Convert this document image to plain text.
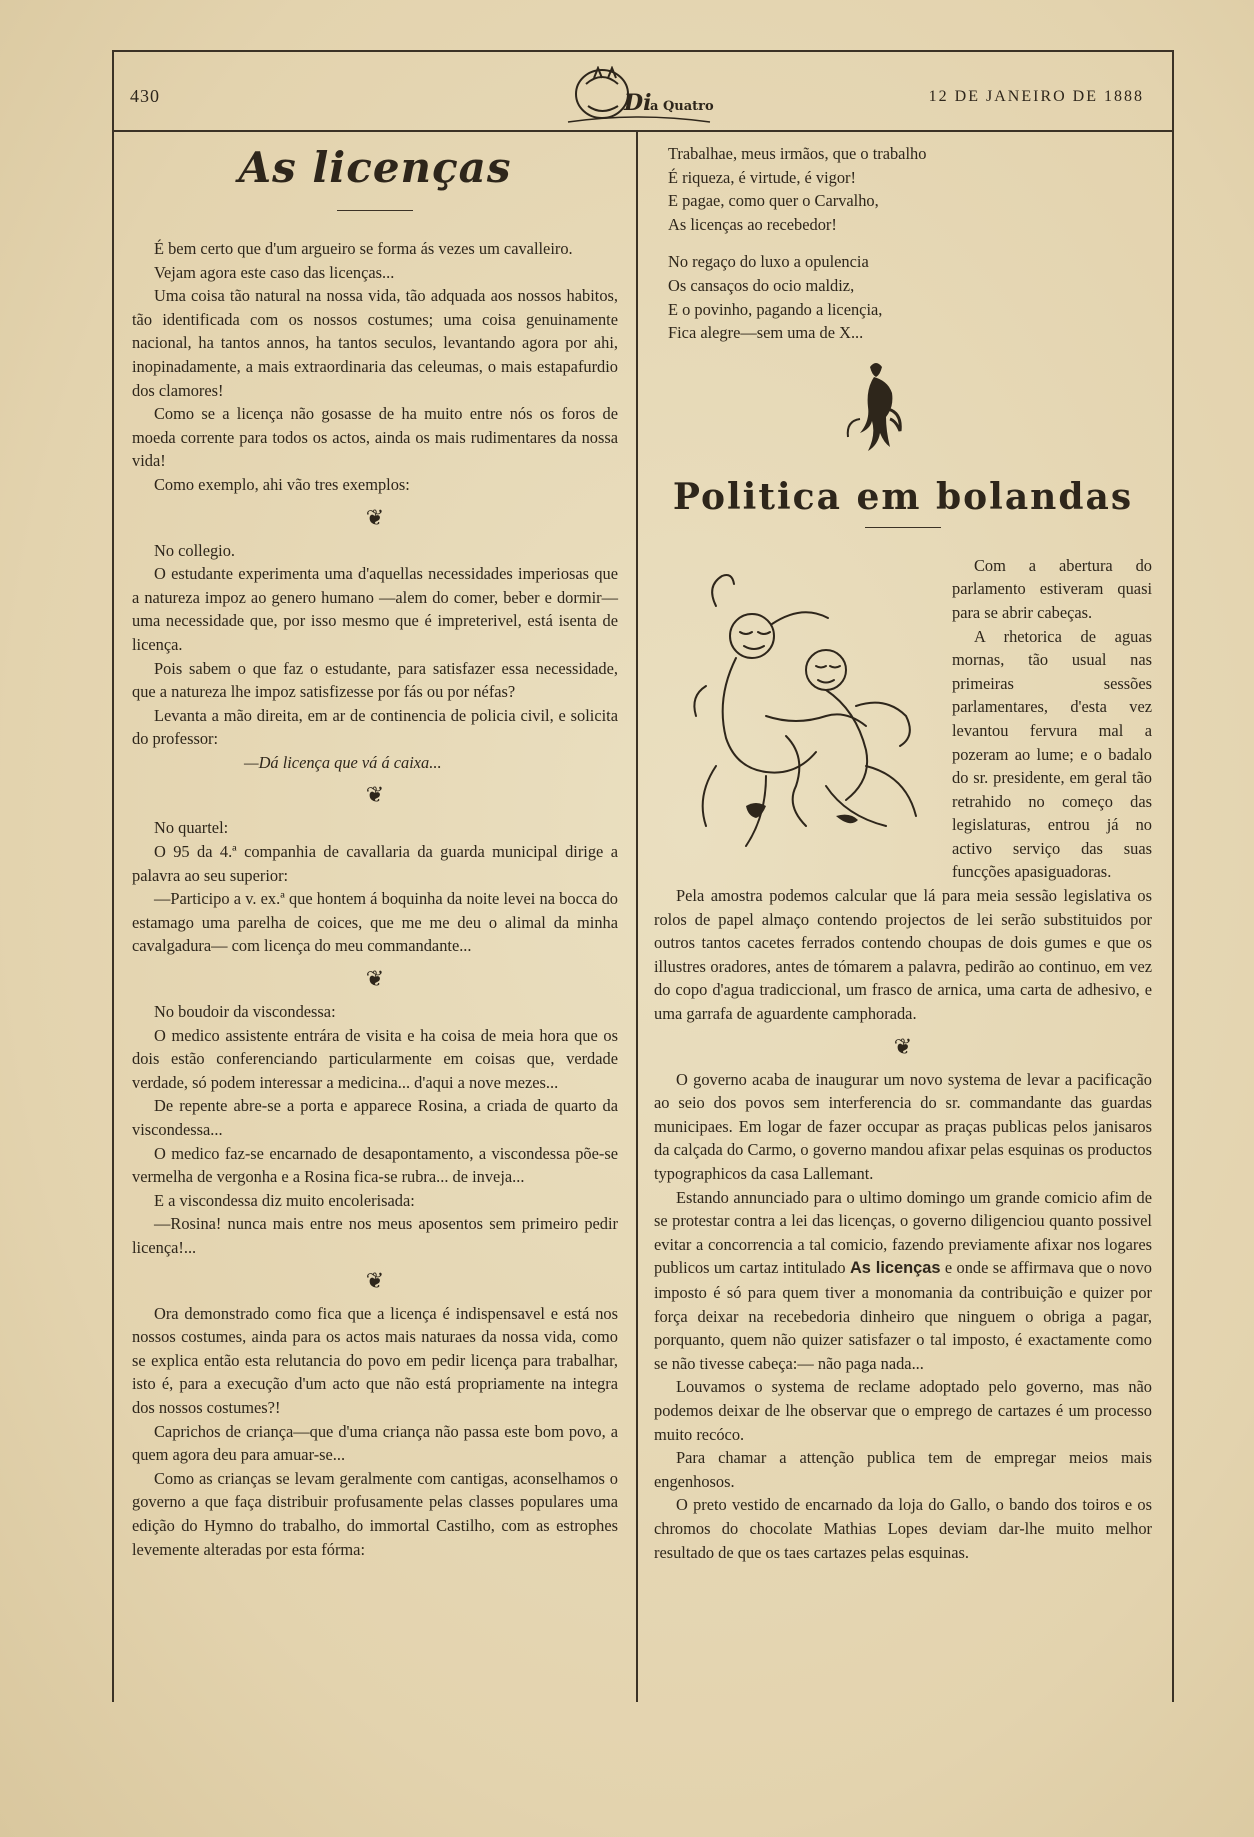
430	Di
a Quatro
12 DE JANEIRO DE 1888
As licenças

É bem certo que d'um argueiro se forma ás vezes um cavalleiro.

Vejam agora este caso das licenças...

Uma coisa tão natural na nossa vida, tão adquada aos nossos habitos, tão identificada com os nossos costumes; uma coisa genuinamente nacional, ha tantos annos, ha tantos seculos, levantando agora por ahi, inopinadamente, a mais extraordinaria das celeumas, o mais estapafurdio dos clamores!

Como se a licença não gosasse de ha muito entre nós os foros de moeda corrente para todos os actos, ainda os mais rudimentares da nossa vida!

Como exemplo, ahi vão tres exemplos:

❦

No collegio.

O estudante experimenta uma d'aquellas necessidades imperiosas que a natureza impoz ao genero humano —alem do comer, beber e dormir—uma necessidade que, por isso mesmo que é impreterivel, está isenta de licença.

Pois sabem o que faz o estudante, para satisfazer essa necessidade, que a natureza lhe impoz satisfizesse por fás ou por néfas?

Levanta a mão direita, em ar de continencia de policia civil, e solicita do professor:

—Dá licença que vá á caixa...

❦

No quartel:

O 95 da 4.ª companhia de cavallaria da guarda municipal dirige a palavra ao seu superior:

—Participo a v. ex.ª que hontem á boquinha da noite levei na bocca do estamago uma parelha de coices, que me me deu o alimal da minha cavalgadura— com licença do meu commandante...

❦

No boudoir da viscondessa:

O medico assistente entrára de visita e ha coisa de meia hora que os dois estão conferenciando particularmente em coisas que, verdade verdade, só podem interessar a medicina... d'aqui a nove mezes...

De repente abre-se a porta e apparece Rosina, a criada de quarto da viscondessa...

O medico faz-se encarnado de desapontamento, a viscondessa põe-se vermelha de vergonha e a Rosina fica-se rubra... de inveja...

E a viscondessa diz muito encolerisada:

—Rosina! nunca mais entre nos meus aposentos sem primeiro pedir licença!...

❦

Ora demonstrado como fica que a licença é indispensavel e está nos nossos costumes, ainda para os actos mais naturaes da nossa vida, como se explica então esta relutancia do povo em pedir licença para trabalhar, isto é, para a execução d'um acto que não está propriamente na integra dos nossos costumes?!

Caprichos de criança—que d'uma criança não passa este bom povo, a quem agora deu para amuar-se...

Como as crianças se levam geralmente com cantigas, aconselhamos o governo a que faça distribuir profusamente pelas classes populares uma edição do Hymno do trabalho, do immortal Castilho, com as estrophes levemente alteradas por esta fórma:

Trabalhae, meus irmãos, que o trabalho

É riqueza, é virtude, é vigor!

E pagae, como quer o Carvalho,

As licenças ao recebedor!

No regaço do luxo a opulencia

Os cansaços do ocio maldiz,

E o povinho, pagando a licençia,

Fica alegre—sem uma de X...

Politica em bolandas

Com a abertura do parlamento estiveram quasi para se abrir cabeças.

A rhetorica de aguas mornas, tão usual nas primeiras sessões parlamentares, d'esta vez levantou fervura mal a pozeram ao lume; e o badalo do sr. presidente, em geral tão retrahido no começo das legislaturas, entrou já no activo serviço das suas funcções apasiguadoras.

Pela amostra podemos calcular que lá para meia sessão legislativa os rolos de papel almaço contendo projectos de lei serão substituidos por outros tantos cacetes ferrados contendo choupas de dois gumes e que os illustres oradores, antes de tómarem a palavra, pedirão ao continuo, em vez do copo d'agua tradiccional, um frasco de arnica, uma carta de adhesivo, e uma garrafa de aguardente camphorada.

❦

O governo acaba de inaugurar um novo systema de levar a pacificação ao seio dos povos sem interferencia do sr. commandante das guardas municipaes. Em logar de fazer occupar as praças publicas pelos janisaros da calçada do Carmo, o governo mandou afixar pelas esquinas os productos typographicos da casa Lallemant.

Estando annunciado para o ultimo domingo um grande comicio afim de se protestar contra a lei das licenças, o governo diligenciou quanto possivel evitar a concorrencia a tal comicio, fazendo previamente afixar nos logares publicos um cartaz intitulado As licenças e onde se affirmava que o novo imposto é só para quem tiver a monomania da contribuição e quizer por força deixar na recebedoria dinheiro que ninguem o obriga a pagar, porquanto, quem não quizer satisfazer o tal imposto, é exactamente como se não tivesse cabeça:— não paga nada...

Louvamos o systema de reclame adoptado pelo governo, mas não podemos deixar de lhe observar que o emprego de cartazes é um processo muito recóco.

Para chamar a attenção publica tem de empregar meios mais engenhosos.

O preto vestido de encarnado da loja do Gallo, o bando dos toiros e os chromos do chocolate Mathias Lopes deviam dar-lhe muito melhor resultado de que os taes cartazes pelas esquinas.
